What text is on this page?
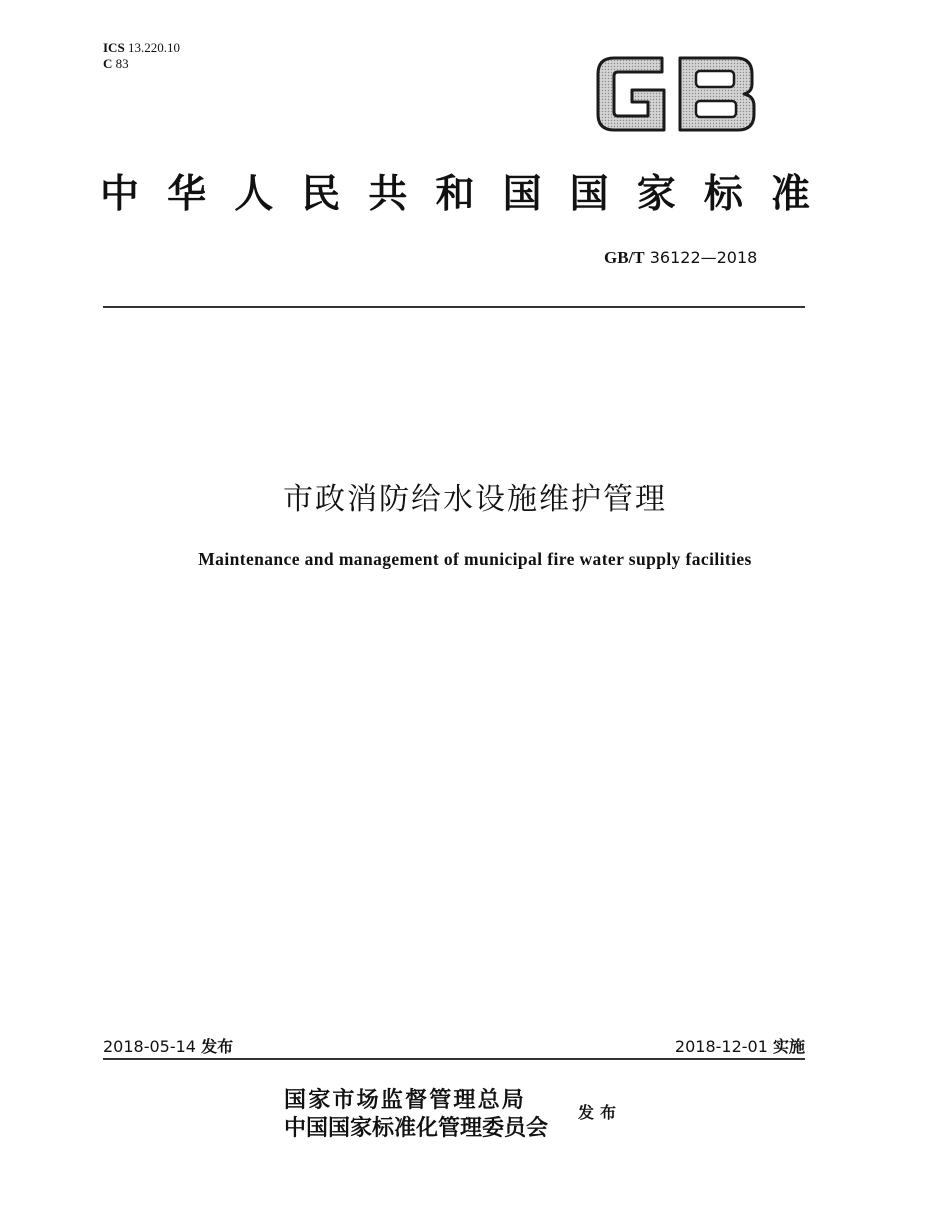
ICS 13.220.10
C 83
中 华 人 民 共 和 国 国 家 标 准
GB/T 36122—2018
市政消防给水设施维护管理
Maintenance and management of municipal fire water supply facilities
2018-05-14 发布	2018-12-01 实施
国家市场监督管理总局
中国国家标准化管理委员会
发布
